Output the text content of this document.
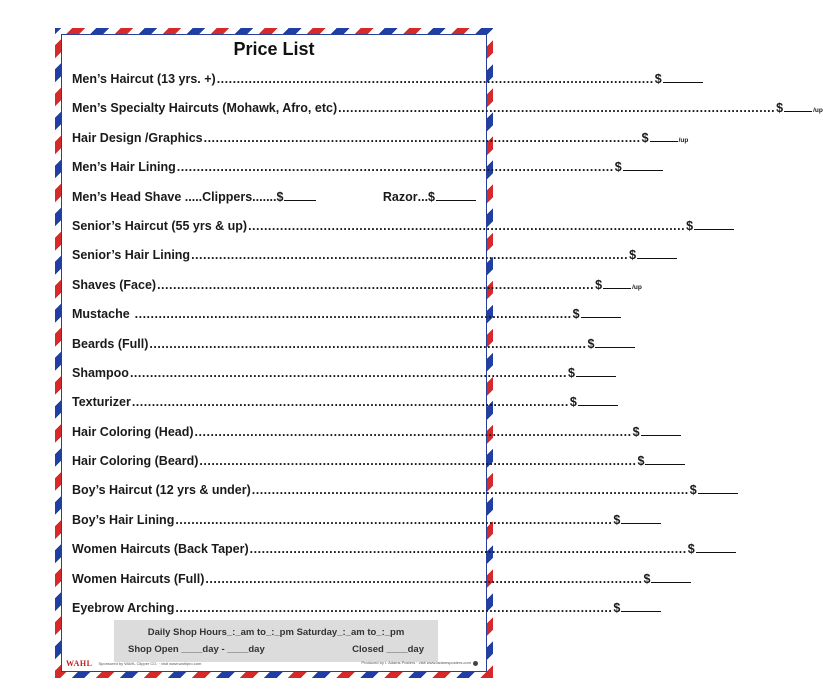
Price List
Men’s Haircut (13 yrs. +) .............................................................................................................. $
Men’s Specialty Haircuts (Mohawk, Afro, etc) .............................................................................................................. $	/up
Hair Design /Graphics .............................................................................................................. $	/up
Men’s Hair Lining .............................................................................................................. $
Men’s Head Shave ..... Clippers ....... $	Razor ... $
Senior’s Haircut (55 yrs & up) .............................................................................................................. $
Senior’s Hair Lining .............................................................................................................. $
Shaves (Face) .............................................................................................................. $	/up
Mustache .............................................................................................................. $
Beards (Full) .............................................................................................................. $
Shampoo .............................................................................................................. $
Texturizer .............................................................................................................. $
Hair Coloring (Head) .............................................................................................................. $
Hair Coloring (Beard) .............................................................................................................. $
Boy’s Haircut (12 yrs & under) .............................................................................................................. $
Boy’s Hair Lining .............................................................................................................. $
Women Haircuts (Back Taper) .............................................................................................................. $
Women Haircuts (Full) .............................................................................................................. $
Eyebrow Arching .............................................................................................................. $
Daily Shop Hours_:_am to_:_pm Saturday_:_am to_:_pm
Shop Open ____day - ____day	Closed ____day
WAHL Sponsored by WAHL Clipper CO. · visit www.wahlpro.com	Produced by I. Adams Posters · visit www.iadamsposters.com
